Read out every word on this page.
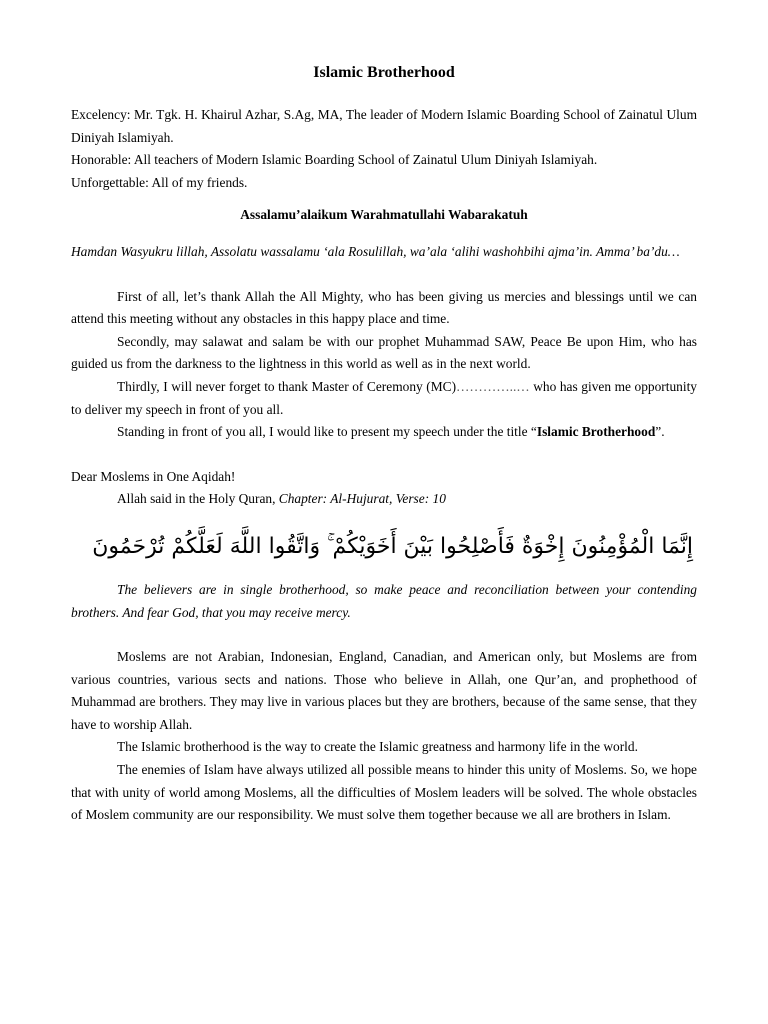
Islamic Brotherhood

Excelency: Mr. Tgk. H. Khairul Azhar, S.Ag, MA, The leader of Modern Islamic Boarding School of Zainatul Ulum Diniyah Islamiyah.

Honorable: All teachers of Modern Islamic Boarding School of Zainatul Ulum Diniyah Islamiyah.

Unforgettable: All of my friends.

Assalamu’alaikum Warahmatullahi Wabarakatuh

Hamdan Wasyukru lillah, Assolatu wassalamu ‘ala Rosulillah, wa’ala ‘alihi washohbihi ajma’in. Amma’ ba’du…

First of all, let’s thank Allah the All Mighty, who has been giving us mercies and blessings until we can attend this meeting without any obstacles in this happy place and time.

Secondly, may salawat and salam be with our prophet Muhammad SAW, Peace Be upon Him, who has guided us from the darkness to the lightness in this world as well as in the next world.

Thirdly, I will never forget to thank Master of Ceremony (MC)…………..… who has given me opportunity to deliver my speech in front of you all.

Standing in front of you all, I would like to present my speech under the title “Islamic Brotherhood”.

Dear Moslems in One Aqidah!

Allah said in the Holy Quran, Chapter: Al-Hujurat, Verse: 10

إِنَّمَا الْمُؤْمِنُونَ إِخْوَةٌ فَأَصْلِحُوا بَيْنَ أَخَوَيْكُمْ ۚ وَاتَّقُوا اللَّهَ لَعَلَّكُمْ تُرْحَمُونَ

The believers are in single brotherhood, so make peace and reconciliation between your contending brothers. And fear God, that you may receive mercy.

Moslems are not Arabian, Indonesian, England, Canadian, and American only, but Moslems are from various countries, various sects and nations. Those who believe in Allah, one Qur’an, and prophethood of Muhammad are brothers. They may live in various places but they are brothers, because of the same sense, that they have to worship Allah.

The Islamic brotherhood is the way to create the Islamic greatness and harmony life in the world.

The enemies of Islam have always utilized all possible means to hinder this unity of Moslems. So, we hope that with unity of world among Moslems, all the difficulties of Moslem leaders will be solved. The whole obstacles of Moslem community are our responsibility. We must solve them together because we all are brothers in Islam.
